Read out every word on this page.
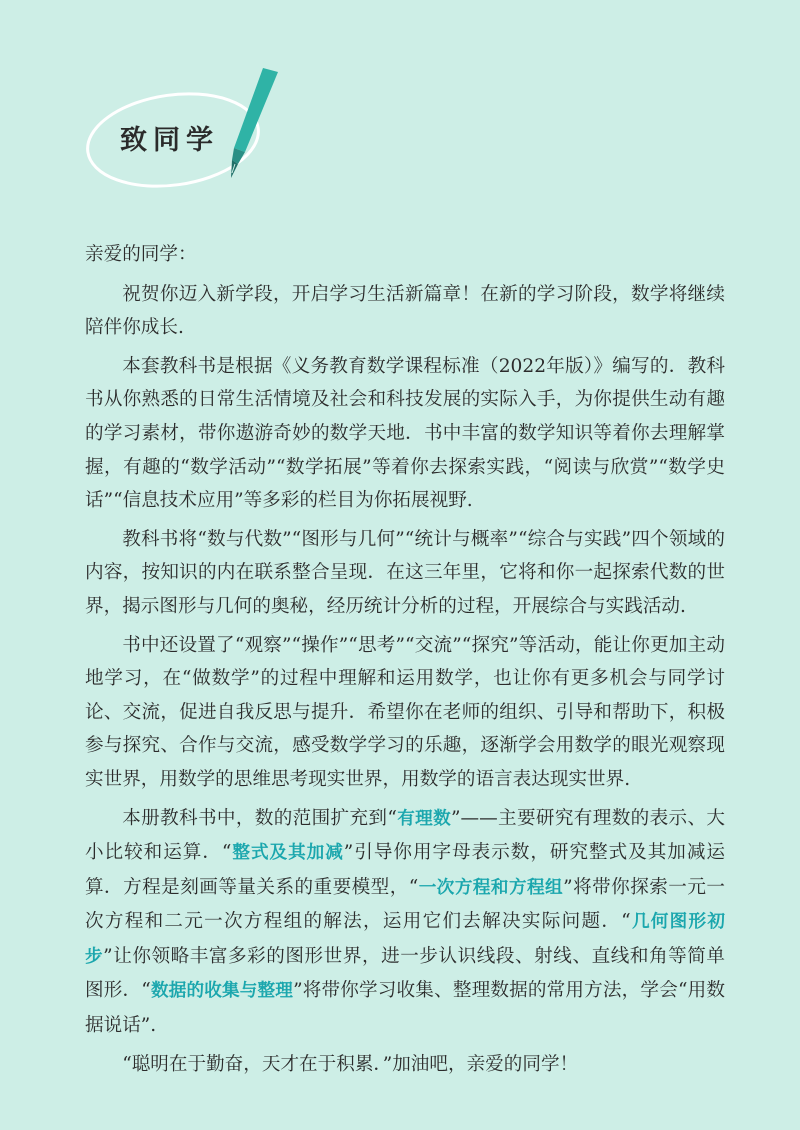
致同学

亲爱的同学：

祝贺你迈入新学段，开启学习生活新篇章！在新的学习阶段，数学将继续陪伴你成长.

本套教科书是根据《义务教育数学课程标准（2022年版）》编写的．教科书从你熟悉的日常生活情境及社会和科技发展的实际入手，为你提供生动有趣的学习素材，带你遨游奇妙的数学天地．书中丰富的数学知识等着你去理解掌握，有趣的“数学活动”“数学拓展”等着你去探索实践，“阅读与欣赏”“数学史话”“信息技术应用”等多彩的栏目为你拓展视野.

教科书将“数与代数”“图形与几何”“统计与概率”“综合与实践”四个领域的内容，按知识的内在联系整合呈现．在这三年里，它将和你一起探索代数的世界，揭示图形与几何的奥秘，经历统计分析的过程，开展综合与实践活动.

书中还设置了“观察”“操作”“思考”“交流”“探究”等活动，能让你更加主动地学习，在“做数学”的过程中理解和运用数学，也让你有更多机会与同学讨论、交流，促进自我反思与提升．希望你在老师的组织、引导和帮助下，积极参与探究、合作与交流，感受数学学习的乐趣，逐渐学会用数学的眼光观察现实世界，用数学的思维思考现实世界，用数学的语言表达现实世界.

本册教科书中，数的范围扩充到“有理数”——主要研究有理数的表示、大小比较和运算．“整式及其加减”引导你用字母表示数，研究整式及其加减运算．方程是刻画等量关系的重要模型，“一次方程和方程组”将带你探索一元一次方程和二元一次方程组的解法，运用它们去解决实际问题．“几何图形初步”让你领略丰富多彩的图形世界，进一步认识线段、射线、直线和角等简单图形．“数据的收集与整理”将带你学习收集、整理数据的常用方法，学会“用数据说话”.

“聪明在于勤奋，天才在于积累．”加油吧，亲爱的同学！
